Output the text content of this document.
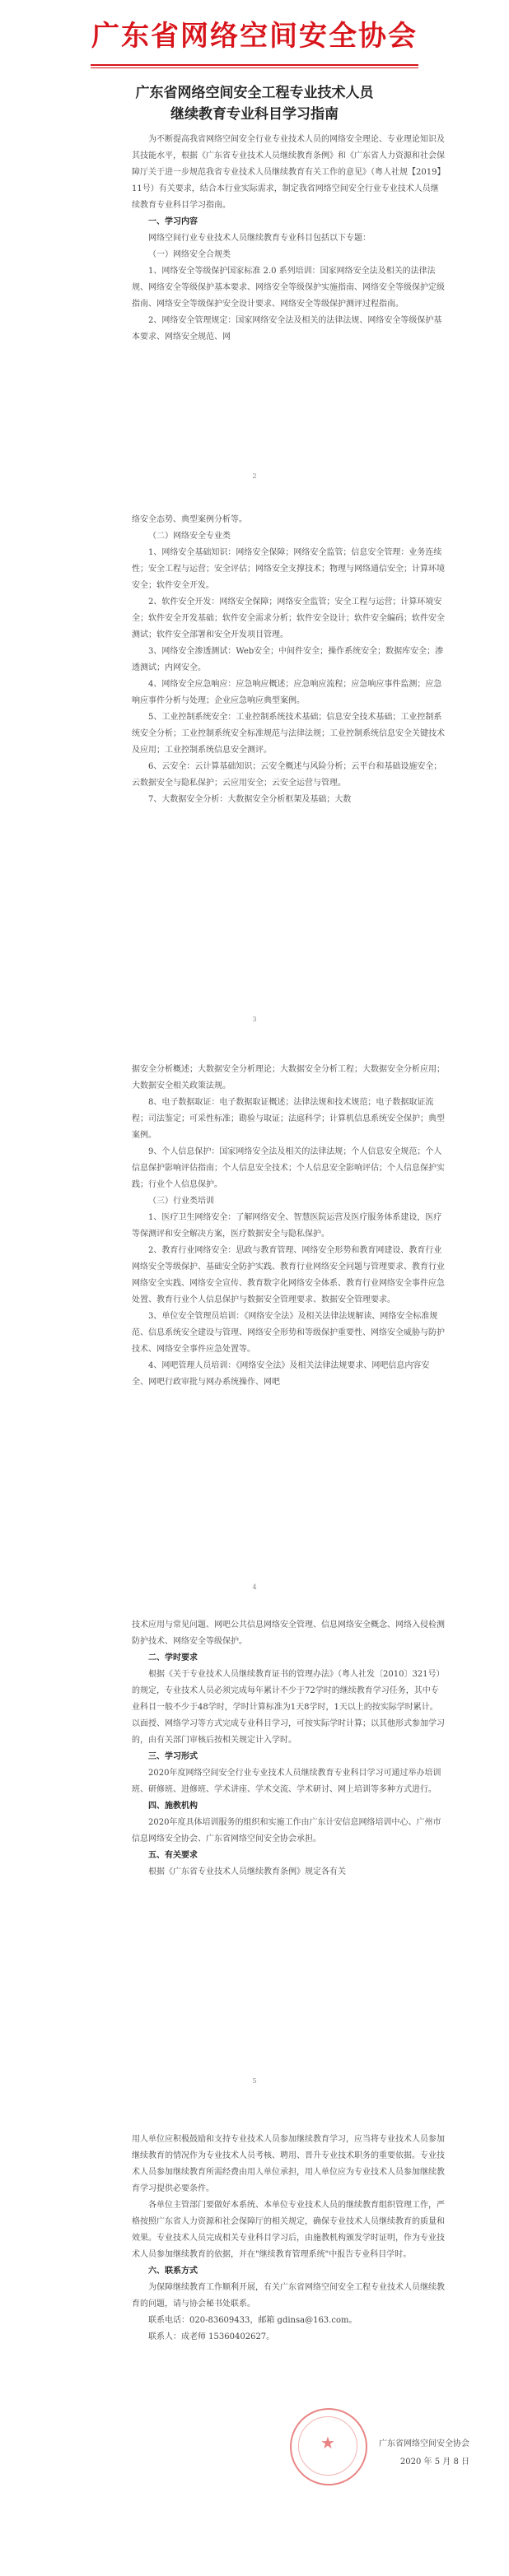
广东省网络空间安全协会
广东省网络空间安全工程专业技术人员
继续教育专业科目学习指南

为不断提高我省网络空间安全行业专业技术人员的网络安全理论、专业理论知识及其技能水平，根据《广东省专业技术人员继续教育条例》和《广东省人力资源和社会保障厅关于进一步规范我省专业技术人员继续教育有关工作的意见》（粤人社规【2019】11号）有关要求，结合本行业实际需求，制定我省网络空间安全行业专业技术人员继续教育专业科目学习指南。

一、学习内容

网络空间行业专业技术人员继续教育专业科目包括以下专题：

（一）网络安全合规类

1、网络安全等级保护国家标准 2.0 系列培训：国家网络安全法及相关的法律法规、网络安全等级保护基本要求、网络安全等级保护实施指南、网络安全等级保护定级指南、网络安全等级保护安全设计要求、网络安全等级保护测评过程指南。

2、网络安全管理规定：国家网络安全法及相关的法律法规、网络安全等级保护基本要求、网络安全规范、网

2

络安全态势、典型案例分析等。

（二）网络安全专业类

1、网络安全基础知识：网络安全保障；网络安全监管；信息安全管理：业务连续性；安全工程与运营；安全评估；网络安全支撑技术；物理与网络通信安全；计算环境安全；软件安全开发。

2、软件安全开发：网络安全保障；网络安全监管；安全工程与运营；计算环境安全；软件安全开发基础；软件安全需求分析；软件安全设计；软件安全编码；软件安全测试；软件安全部署和安全开发项目管理。

3、网络安全渗透测试：Web安全；中间件安全；操作系统安全；数据库安全；渗透测试；内网安全。

4、网络安全应急响应：应急响应概述；应急响应流程；应急响应事件监测；应急响应事件分析与处理；企业应急响应典型案例。

5、工业控制系统安全：工业控制系统技术基础；信息安全技术基础；工业控制系统安全分析；工业控制系统安全标准规范与法律法规；工业控制系统信息安全关键技术及应用；工业控制系统信息安全测评。

6、云安全：云计算基础知识；云安全概述与风险分析；云平台和基础设施安全；云数据安全与隐私保护；云应用安全；云安全运营与管理。

7、大数据安全分析：大数据安全分析框架及基础；大数

3

据安全分析概述；大数据安全分析理论；大数据安全分析工程；大数据安全分析应用；大数据安全相关政策法规。

8、电子数据取证：电子数据取证概述；法律法规和技术规范；电子数据取证流程；司法鉴定；可采性标准；勘验与取证；法庭科学；计算机信息系统安全保护；典型案例。

9、个人信息保护：国家网络安全法及相关的法律法规；个人信息安全规范；个人信息保护影响评估指南；个人信息安全技术；个人信息安全影响评估；个人信息保护实践；行业个人信息保护。

（三）行业类培训

1、医疗卫生网络安全：了解网络安全、智慧医院运营及医疗服务体系建设，医疗等保测评和安全解决方案，医疗数据安全与隐私保护。

2、教育行业网络安全：思政与教育管理、网络安全形势和教育网建设、教育行业网络安全等级保护、基础安全防护实践、教育行业网络安全问题与管理要求、教育行业网络安全实践、网络安全宣传、教育数字化网络安全体系、教育行业网络安全事件应急处置、教育行业个人信息保护与数据安全管理要求、数据安全管理要求。

3、单位安全管理员培训：《网络安全法》及相关法律法规解读、网络安全标准规范、信息系统安全建设与管理、网络安全形势和等级保护重要性、网络安全威胁与防护技术、网络安全事件应急处置等。

4、网吧管理人员培训：《网络安全法》及相关法律法规要求、网吧信息内容安全、网吧行政审批与网办系统操作、网吧

4

技术应用与常见问题、网吧公共信息网络安全管理、信息网络安全概念、网络入侵检测防护技术、网络安全等级保护。

二、学时要求

根据《关于专业技术人员继续教育证书的管理办法》（粤人社发〔2010〕321号）的规定，专业技术人员必须完成每年累计不少于72学时的继续教育学习任务，其中专业科目一般不少于48学时，学时计算标准为1天8学时，1天以上的按实际学时累计。以面授、网络学习等方式完成专业科目学习，可按实际学时计算；以其他形式参加学习的，由有关部门审核后按相关规定计入学时。

三、学习形式

2020年度网络空间安全行业专业技术人员继续教育专业科目学习可通过举办培训班、研修班、进修班、学术讲座、学术交流、学术研讨、网上培训等多种方式进行。

四、施教机构

2020年度具体培训服务的组织和实施工作由广东计安信息网络培训中心、广州市信息网络安全协会、广东省网络空间安全协会承担。

五、有关要求

根据《广东省专业技术人员继续教育条例》规定各有关

5

用人单位应积极鼓励和支持专业技术人员参加继续教育学习，应当将专业技术人员参加继续教育的情况作为专业技术人员考核、聘用、晋升专业技术职务的重要依据。专业技术人员参加继续教育所需经费由用人单位承担，用人单位应为专业技术人员参加继续教育学习提供必要条件。

各单位主管部门要做好本系统、本单位专业技术人员的继续教育组织管理工作，严格按照广东省人力资源和社会保障厅的相关规定，确保专业技术人员继续教育的质量和效果。专业技术人员完成相关专业科目学习后，由施教机构颁发学时证明，作为专业技术人员参加继续教育的依据，并在"继续教育管理系统"中报告专业科目学时。

六、联系方式

为保障继续教育工作顺利开展，有关广东省网络空间安全工程专业技术人员继续教育的问题，请与协会秘书处联系。

联系电话：020-83609433，邮箱 gdinsa@163.com。

联系人：成老师 15360402627。

★	广东省网络空间安全协会
2020 年 5 月 8 日
